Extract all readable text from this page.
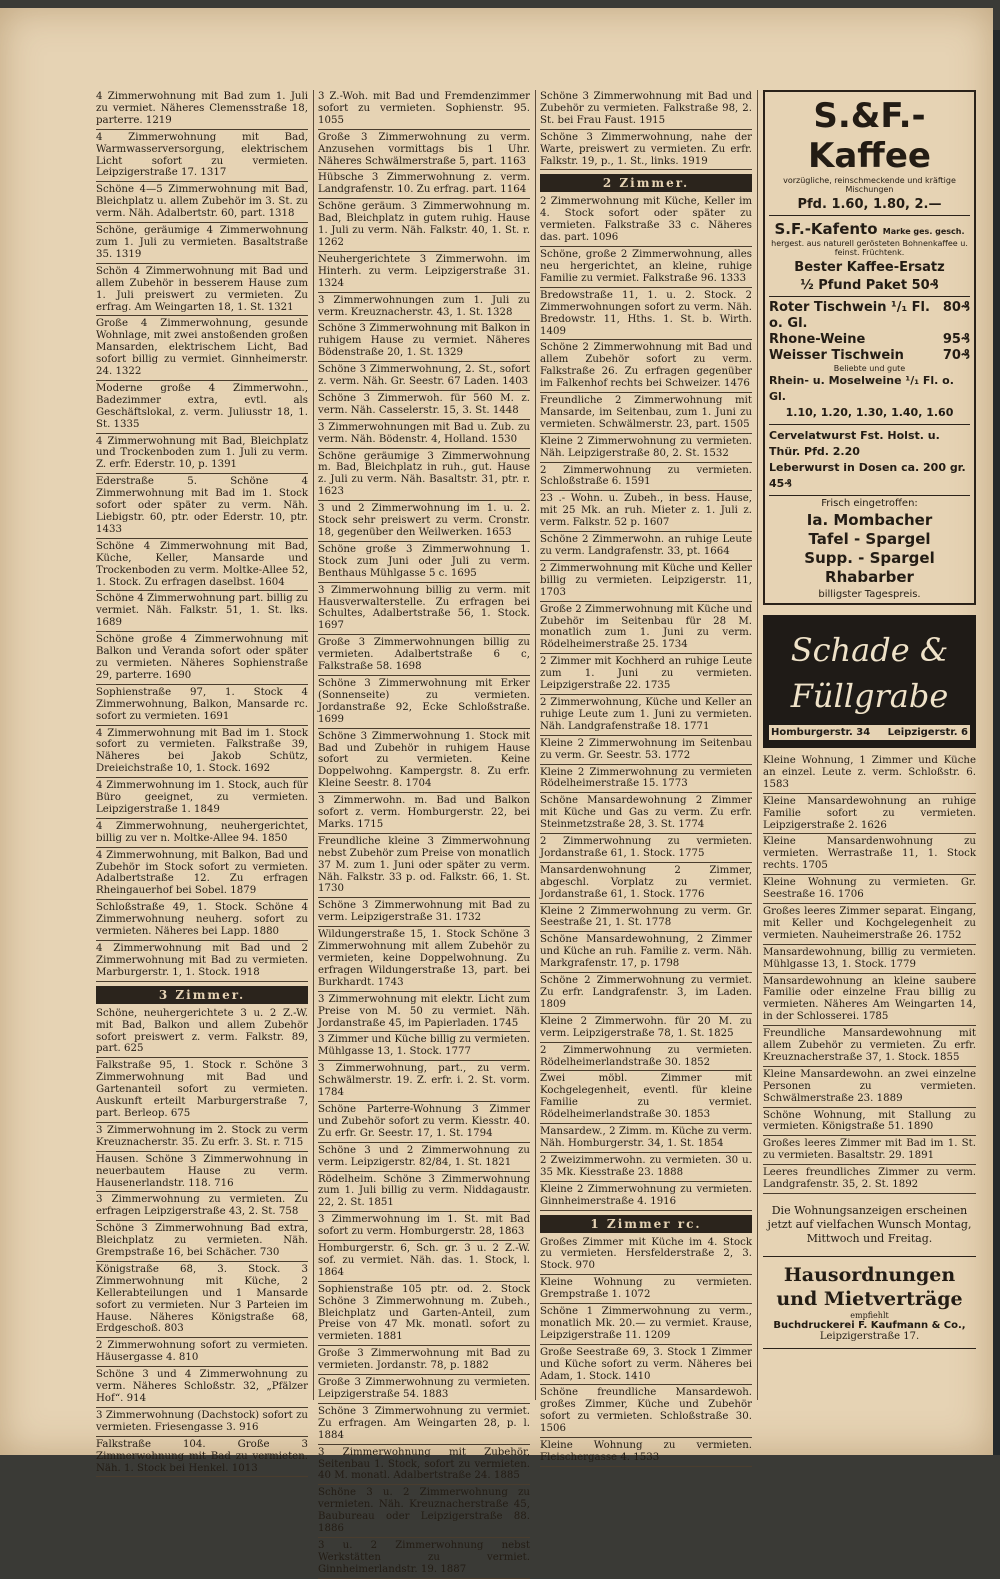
4 Zimmerwohnung mit Bad zum 1. Juli zu vermiet. Näheres Clemensstraße 18, parterre. 1219
4 Zimmerwohnung mit Bad, Warmwasserversorgung, elektrischem Licht sofort zu vermieten. Leipzigerstraße 17. 1317
Schöne 4—5 Zimmerwohnung mit Bad, Bleichplatz u. allem Zubehör im 3. St. zu verm. Näh. Adalbertstr. 60, part. 1318
Schöne, geräumige 4 Zimmerwohnung zum 1. Juli zu vermieten. Basaltstraße 35. 1319
Schön 4 Zimmerwohnung mit Bad und allem Zubehör in besserem Hause zum 1. Juli preiswert zu vermieten. Zu erfrag. Am Weingarten 18, 1. St. 1321
Große 4 Zimmerwohnung, gesunde Wohnlage, mit zwei anstoßenden großen Mansarden, elektrischem Licht, Bad sofort billig zu vermiet. Ginnheimerstr. 24. 1322
Moderne große 4 Zimmerwohn., Badezimmer extra, evtl. als Geschäftslokal, z. verm. Juliusstr 18, 1. St. 1335
4 Zimmerwohnung mit Bad, Bleichplatz und Trockenboden zum 1. Juli zu verm. Z. erfr. Ederstr. 10, p. 1391
Ederstraße 5. Schöne 4 Zimmerwohnung mit Bad im 1. Stock sofort oder später zu verm. Näh. Liebigstr. 60, ptr. oder Ederstr. 10, ptr. 1433
Schöne 4 Zimmerwohnung mit Bad, Küche, Keller, Mansarde und Trockenboden zu verm. Moltke-Allee 52, 1. Stock. Zu erfragen daselbst. 1604
Schöne 4 Zimmerwohnung part. billig zu vermiet. Näh. Falkstr. 51, 1. St. lks. 1689
Schöne große 4 Zimmerwohnung mit Balkon und Veranda sofort oder später zu vermieten. Näheres Sophienstraße 29, parterre. 1690
Sophienstraße 97, 1. Stock 4 Zimmerwohnung, Balkon, Mansarde rc. sofort zu vermieten. 1691
4 Zimmerwohnung mit Bad im 1. Stock sofort zu vermieten. Falkstraße 39, Näheres bei Jakob Schütz, Dreieichstraße 10, 1. Stock. 1692
4 Zimmerwohnung im 1. Stock, auch für Büro geeignet, zu vermieten. Leipzigerstraße 1. 1849
4 Zimmerwohnung, neuhergerichtet, billig zu ver n. Moltke-Allee 94. 1850
4 Zimmerwohnung, mit Balkon, Bad und Zubehör im Stock sofort zu vermieten. Adalbertstraße 12. Zu erfragen Rheingauerhof bei Sobel. 1879
Schloßstraße 49, 1. Stock. Schöne 4 Zimmerwohnung neuherg. sofort zu vermieten. Näheres bei Lapp. 1880
4 Zimmerwohnung mit Bad und 2 Zimmerwohnung mit Bad zu vermieten. Marburgerstr. 1, 1. Stock. 1918
3 Zimmer.
Schöne, neuhergerichtete 3 u. 2 Z.-W. mit Bad, Balkon und allem Zubehör sofort preiswert z. verm. Falkstr. 89, part. 625
Falkstraße 95, 1. Stock r. Schöne 3 Zimmerwohnung mit Bad und Gartenanteil sofort zu vermieten. Auskunft erteilt Marburgerstraße 7, part. Berleop. 675
3 Zimmerwohnung im 2. Stock zu verm Kreuznacherstr. 35. Zu erfr. 3. St. r. 715
Hausen. Schöne 3 Zimmerwohnung in neuerbautem Hause zu verm. Hausenerlandstr. 118. 716
3 Zimmerwohnung zu vermieten. Zu erfragen Leipzigerstraße 43, 2. St. 758
Schöne 3 Zimmerwohnung Bad extra, Bleichplatz zu vermieten. Näh. Grempstraße 16, bei Schächer. 730
Königstraße 68, 3. Stock. 3 Zimmerwohnung mit Küche, 2 Kellerabteilungen und 1 Mansarde sofort zu vermieten. Nur 3 Parteien im Hause. Näheres Königstraße 68, Erdgeschoß. 803
2 Zimmerwohnung sofort zu vermieten. Häusergasse 4. 810
Schöne 3 und 4 Zimmerwohnung zu verm. Näheres Schloßstr. 32, „Pfälzer Hof“. 914
3 Zimmerwohnung (Dachstock) sofort zu vermieten. Friesengasse 3. 916
Falkstraße 104. Große 3 Zimmerwohnung mit Bad zu vermieten. Näh. 1. Stock bei Henkel. 1013
3 Z.-Woh. mit Bad und Fremdenzimmer sofort zu vermieten. Sophienstr. 95. 1055
Große 3 Zimmerwohnung zu verm. Anzusehen vormittags bis 1 Uhr. Näheres Schwälmerstraße 5, part. 1163
Hübsche 3 Zimmerwohnung z. verm. Landgrafenstr. 10. Zu erfrag. part. 1164
Schöne geräum. 3 Zimmerwohnung m. Bad, Bleichplatz in gutem ruhig. Hause 1. Juli zu verm. Näh. Falkstr. 40, 1. St. r. 1262
Neuhergerichtete 3 Zimmerwohn. im Hinterh. zu verm. Leipzigerstraße 31. 1324
3 Zimmerwohnungen zum 1. Juli zu verm. Kreuznacherstr. 43, 1. St. 1328
Schöne 3 Zimmerwohnung mit Balkon in ruhigem Hause zu vermiet. Näheres Bödenstraße 20, 1. St. 1329
Schöne 3 Zimmerwohnung, 2. St., sofort z. verm. Näh. Gr. Seestr. 67 Laden. 1403
Schöne 3 Zimmerwoh. für 560 M. z. verm. Näh. Casselerstr. 15, 3. St. 1448
3 Zimmerwohnungen mit Bad u. Zub. zu verm. Näh. Bödenstr. 4, Holland. 1530
Schöne geräumige 3 Zimmerwohnung m. Bad, Bleichplatz in ruh., gut. Hause z. Juli zu verm. Näh. Basaltstr. 31, ptr. r. 1623
3 und 2 Zimmerwohnung im 1. u. 2. Stock sehr preiswert zu verm. Cronstr. 18, gegenüber den Weilwerken. 1653
Schöne große 3 Zimmerwohnung 1. Stock zum Juni oder Juli zu verm. Benthaus Mühlgasse 5 c. 1695
3 Zimmerwohnung billig zu verm. mit Hausverwalterstelle. Zu erfragen bei Schultes, Adalbertstraße 56, 1. Stock. 1697
Große 3 Zimmerwohnungen billig zu vermieten. Adalbertstraße 6 c, Falkstraße 58. 1698
Schöne 3 Zimmerwohnung mit Erker (Sonnenseite) zu vermieten. Jordanstraße 92, Ecke Schloßstraße. 1699
Schöne 3 Zimmerwohnung 1. Stock mit Bad und Zubehör in ruhigem Hause sofort zu vermieten. Keine Doppelwohng. Kampergstr. 8. Zu erfr. Kleine Seestr. 8. 1704
3 Zimmerwohn. m. Bad und Balkon sofort z. verm. Homburgerstr. 22, bei Marks. 1715
Freundliche kleine 3 Zimmerwohnung nebst Zubehör zum Preise von monatlich 37 M. zum 1. Juni oder später zu verm. Näh. Falkstr. 33 p. od. Falkstr. 66, 1. St. 1730
Schöne 3 Zimmerwohnung mit Bad zu verm. Leipzigerstraße 31. 1732
Wildungerstraße 15, 1. Stock Schöne 3 Zimmerwohnung mit allem Zubehör zu vermieten, keine Doppelwohnung. Zu erfragen Wildungerstraße 13, part. bei Burkhardt. 1743
3 Zimmerwohnung mit elektr. Licht zum Preise von M. 50 zu vermiet. Näh. Jordanstraße 45, im Papierladen. 1745
3 Zimmer und Küche billig zu vermieten. Mühlgasse 13, 1. Stock. 1777
3 Zimmerwohnung, part., zu verm. Schwälmerstr. 19. Z. erfr. i. 2. St. vorm. 1784
Schöne Parterre-Wohnung 3 Zimmer und Zubehör sofort zu verm. Kiesstr. 40. Zu erfr. Gr. Seestr. 17, 1. St. 1794
Schöne 3 und 2 Zimmerwohnung zu verm. Leipzigerstr. 82/84, 1. St. 1821
Rödelheim. Schöne 3 Zimmerwohnung zum 1. Juli billig zu verm. Niddagaustr. 22, 2. St. 1851
3 Zimmerwohnung im 1. St. mit Bad sofort zu verm. Homburgerstr. 28, 1863
Homburgerstr. 6, Sch. gr. 3 u. 2 Z.-W. sof. zu vermiet. Näh. das. 1. Stock, l. 1864
Sophienstraße 105 ptr. od. 2. Stock Schöne 3 Zimmerwohnung m. Zubeh., Bleichplatz und Garten-Anteil, zum Preise von 47 Mk. monatl. sofort zu vermieten. 1881
Große 3 Zimmerwohnung mit Bad zu vermieten. Jordanstr. 78, p. 1882
Große 3 Zimmerwohnung zu vermieten. Leipzigerstraße 54. 1883
Schöne 3 Zimmerwohnung zu vermiet. Zu erfragen. Am Weingarten 28, p. l. 1884
3 Zimmerwohnung mit Zubehör, Seitenbau 1. Stock, sofort zu vermieten. 40 M. monatl. Adalbertstraße 24. 1885
Schöne 3 u. 2 Zimmerwohnung zu vermieten. Näh. Kreuznacherstraße 45, Baubureau oder Leipzigerstraße 88. 1886
3 u. 2 Zimmerwohnung nebst Werkstätten zu vermiet. Ginnheimerlandstr. 19. 1887
Schöne 3 Zimmerwohnung mit Bad und Zubehör zu vermieten. Falkstraße 98, 2. St. bei Frau Faust. 1915
Schöne 3 Zimmerwohnung, nahe der Warte, preiswert zu vermieten. Zu erfr. Falkstr. 19, p., 1. St., links. 1919
2 Zimmer.
2 Zimmerwohnung mit Küche, Keller im 4. Stock sofort oder später zu vermieten. Falkstraße 33 c. Näheres das. part. 1096
Schöne, große 2 Zimmerwohnung, alles neu hergerichtet, an kleine, ruhige Familie zu vermiet. Falkstraße 96. 1333
Bredowstraße 11, 1. u. 2. Stock. 2 Zimmerwohnungen sofort zu verm. Näh. Bredowstr. 11, Hths. 1. St. b. Wirth. 1409
Schöne 2 Zimmerwohnung mit Bad und allem Zubehör sofort zu verm. Falkstraße 26. Zu erfragen gegenüber im Falkenhof rechts bei Schweizer. 1476
Freundliche 2 Zimmerwohnung mit Mansarde, im Seitenbau, zum 1. Juni zu vermieten. Schwälmerstr. 23, part. 1505
Kleine 2 Zimmerwohnung zu vermieten. Näh. Leipzigerstraße 80, 2. St. 1532
2 Zimmerwohnung zu vermieten. Schloßstraße 6. 1591
23 .- Wohn. u. Zubeh., in bess. Hause, mit 25 Mk. an ruh. Mieter z. 1. Juli z. verm. Falkstr. 52 p. 1607
Schöne 2 Zimmerwohn. an ruhige Leute zu verm. Landgrafenstr. 33, pt. 1664
2 Zimmerwohnung mit Küche und Keller billig zu vermieten. Leipzigerstr. 11, 1703
Große 2 Zimmerwohnung mit Küche und Zubehör im Seitenbau für 28 M. monatlich zum 1. Juni zu verm. Rödelheimerstraße 25. 1734
2 Zimmer mit Kochherd an ruhige Leute zum 1. Juni zu vermieten. Leipzigerstraße 22. 1735
2 Zimmerwohnung, Küche und Keller an ruhige Leute zum 1. Juni zu vermieten. Näh. Landgrafenstraße 18. 1771
Kleine 2 Zimmerwohnung im Seitenbau zu verm. Gr. Seestr. 53. 1772
Kleine 2 Zimmerwohnung zu vermieten Rödelheimerstraße 15. 1773
Schöne Mansardewohnung 2 Zimmer mit Küche und Gas zu verm. Zu erfr. Steinmetzstraße 28, 3. St. 1774
2 Zimmerwohnung zu vermieten. Jordanstraße 61, 1. Stock. 1775
Mansardenwohnung 2 Zimmer, abgeschl. Vorplatz zu vermiet. Jordanstraße 61, 1. Stock. 1776
Kleine 2 Zimmerwohnung zu verm. Gr. Seestraße 21, 1. St. 1778
Schöne Mansardewohnung, 2 Zimmer und Küche an ruh. Familie z. verm. Näh. Markgrafenstr. 17, p. 1798
Schöne 2 Zimmerwohnung zu vermiet. Zu erfr. Landgrafenstr. 3, im Laden. 1809
Kleine 2 Zimmerwohn. für 20 M. zu verm. Leipzigerstraße 78, 1. St. 1825
2 Zimmerwohnung zu vermieten. Rödelheimerlandstraße 30. 1852
Zwei möbl. Zimmer mit Kochgelegenheit, eventl. für kleine Familie zu vermiet. Rödelheimerlandstraße 30. 1853
Mansardew., 2 Zimm. m. Küche zu verm. Näh. Homburgerstr. 34, 1. St. 1854
2 Zweizimmerwohn. zu vermieten. 30 u. 35 Mk. Kiesstraße 23. 1888
Kleine 2 Zimmerwohnung zu vermieten. Ginnheimerstraße 4. 1916
1 Zimmer rc.
Großes Zimmer mit Küche im 4. Stock zu vermieten. Hersfelderstraße 2, 3. Stock. 970
Kleine Wohnung zu vermieten. Grempstraße 1. 1072
Schöne 1 Zimmerwohnung zu verm., monatlich Mk. 20.— zu vermiet. Krause, Leipzigerstraße 11. 1209
Große Seestraße 69, 3. Stock 1 Zimmer und Küche sofort zu verm. Näheres bei Adam, 1. Stock. 1410
Schöne freundliche Mansardewoh. großes Zimmer, Küche und Zubehör sofort zu vermieten. Schloßstraße 30. 1506
Kleine Wohnung zu vermieten. Fleischergasse 4. 1533
S.&F.-Kaffee
vorzügliche, reinschmeckende und kräftige Mischungen
Pfd. 1.60, 1.80, 2.—
S.F.-Kafento Marke ges. gesch.
hergest. aus naturell gerösteten Bohnenkaffee u. feinst. Früchtenk.
Bester Kaffee-Ersatz
½ Pfund Paket 50₰
Roter Tischwein ¹/₁ Fl. o. Gl.
80₰
Rhone-Weine	95₰
Weisser Tischwein	70₰
Beliebte und gute
Rhein- u. Moselweine ¹/₁ Fl. o. Gl.
1.10, 1.20, 1.30, 1.40, 1.60
Cervelatwurst Fst. Holst. u. Thür. Pfd. 2.20
Leberwurst in Dosen ca. 200 gr. 45₰
Frisch eingetroffen:
Ia. Mombacher
Tafel - Spargel
Supp. - Spargel
Rhabarber
billigster Tagespreis.
Schade &
Füllgrabe
Homburgerstr. 34 Leipzigerstr. 6
Kleine Wohnung, 1 Zimmer und Küche an einzel. Leute z. verm. Schloßstr. 6. 1583
Kleine Mansardewohnung an ruhige Familie sofort zu vermieten. Leipzigerstraße 2. 1626
Kleine Mansardenwohnung zu vermieten. Werrastraße 11, 1. Stock rechts. 1705
Kleine Wohnung zu vermieten. Gr. Seestraße 16. 1706
Großes leeres Zimmer separat. Eingang, mit Keller und Kochgelegenheit zu vermieten. Nauheimerstraße 26. 1752
Mansardewohnung, billig zu vermieten. Mühlgasse 13, 1. Stock. 1779
Mansardewohnung an kleine saubere Familie oder einzelne Frau billig zu vermieten. Näheres Am Weingarten 14, in der Schlosserei. 1785
Freundliche Mansardewohnung mit allem Zubehör zu vermieten. Zu erfr. Kreuznacherstraße 37, 1. Stock. 1855
Kleine Mansardewohn. an zwei einzelne Personen zu vermieten. Schwälmerstraße 23. 1889
Schöne Wohnung, mit Stallung zu vermieten. Königstraße 51. 1890
Großes leeres Zimmer mit Bad im 1. St. zu vermieten. Basaltstr. 29. 1891
Leeres freundliches Zimmer zu verm. Landgrafenstr. 35, 2. St. 1892
Die Wohnungsanzeigen erscheinen jetzt auf vielfachen Wunsch Montag, Mittwoch und Freitag.
Hausordnungen
und Mietverträge
empfiehlt
Buchdruckerei F. Kaufmann & Co.,
Leipzigerstraße 17.
